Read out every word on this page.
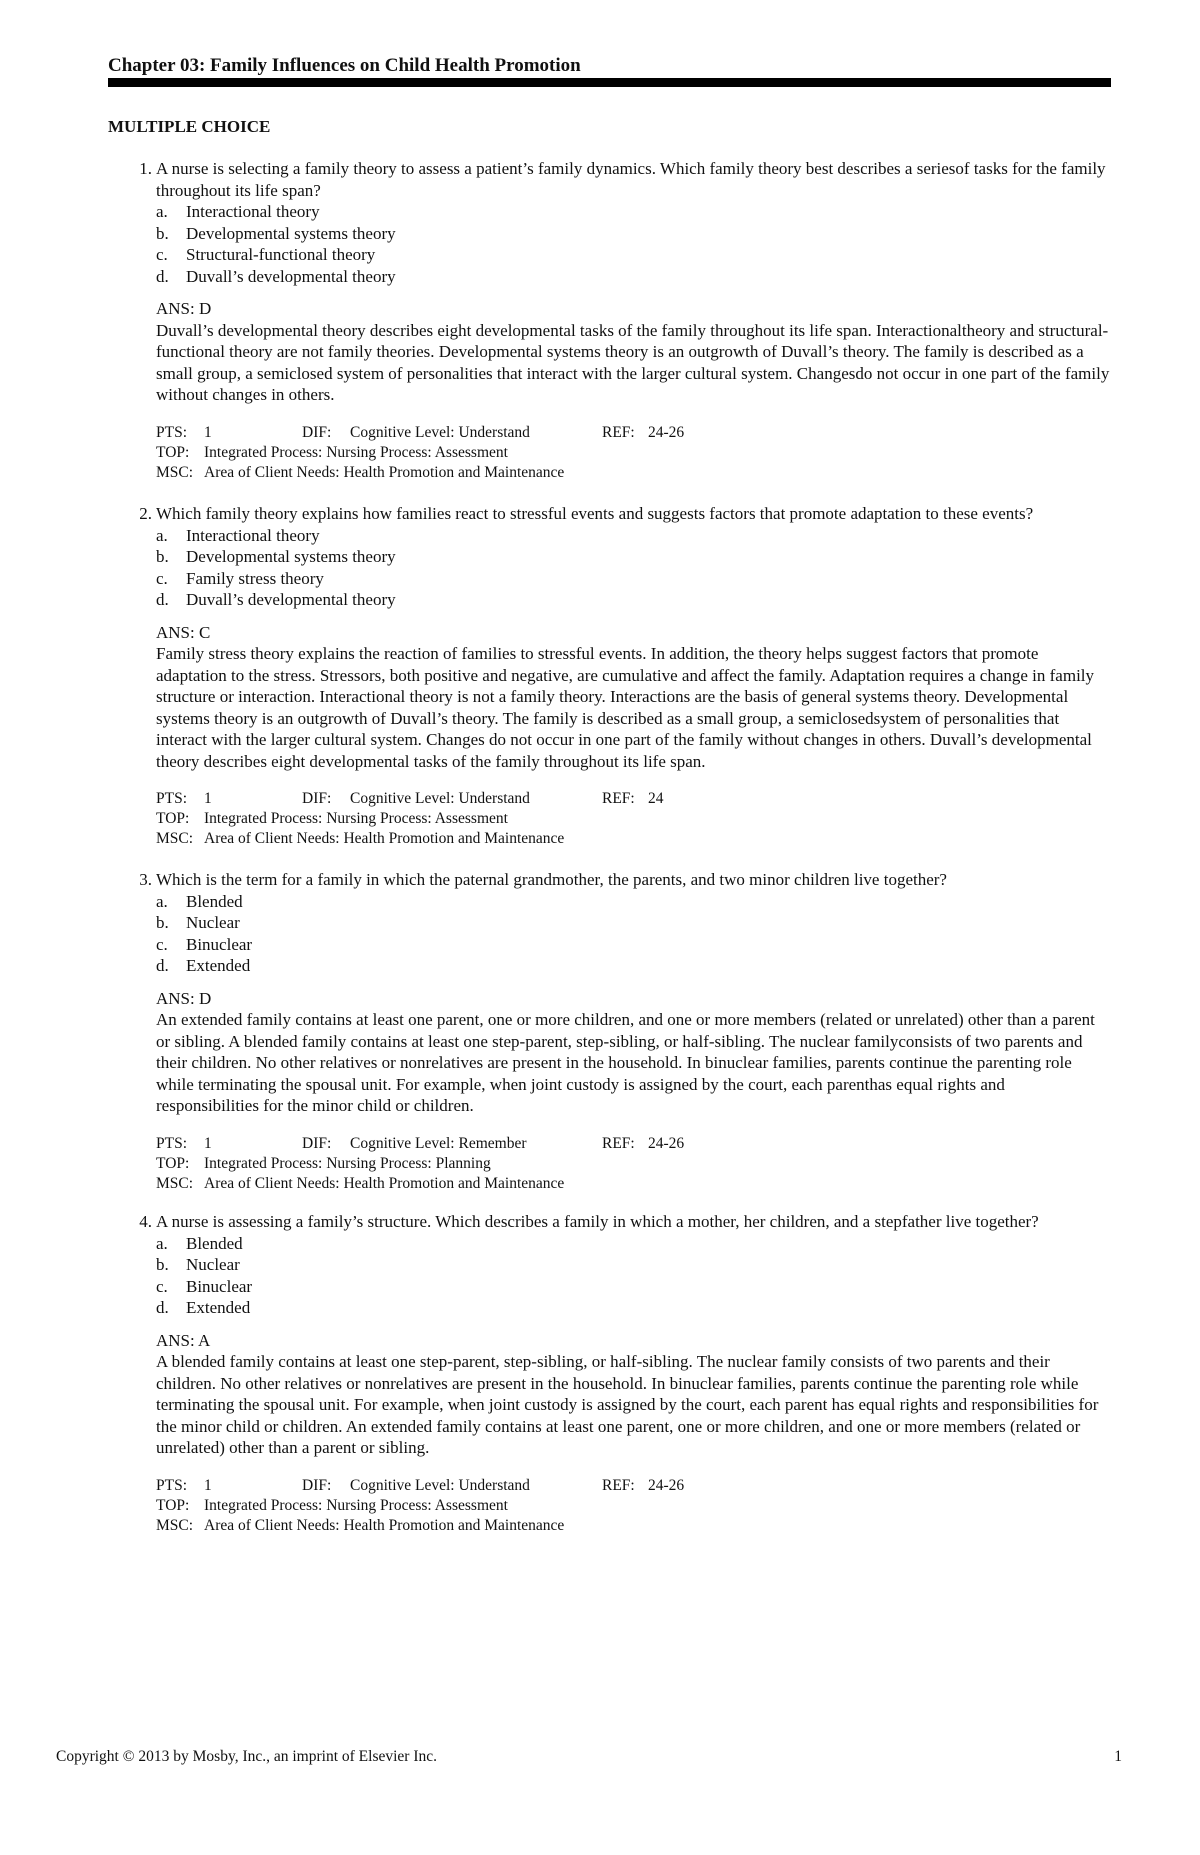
Chapter 03: Family Influences on Child Health Promotion
MULTIPLE CHOICE
1. A nurse is selecting a family theory to assess a patient’s family dynamics. Which family theory best describes a seriesof tasks for the family throughout its life span?
a. Interactional theory
b. Developmental systems theory
c. Structural-functional theory
d. Duvall’s developmental theory
ANS: D
Duvall’s developmental theory describes eight developmental tasks of the family throughout its life span. Interactionaltheory and structural-functional theory are not family theories. Developmental systems theory is an outgrowth of Duvall’s theory. The family is described as a small group, a semiclosed system of personalities that interact with the larger cultural system. Changesdo not occur in one part of the family without changes in others.
PTS:	1	DIF:	Cognitive Level: Understand	REF: 24-26
TOP: Integrated Process: Nursing Process: Assessment
MSC: Area of Client Needs: Health Promotion and Maintenance
2. Which family theory explains how families react to stressful events and suggests factors that promote adaptation to these events?
a. Interactional theory
b. Developmental systems theory
c. Family stress theory
d. Duvall’s developmental theory
ANS: C
Family stress theory explains the reaction of families to stressful events. In addition, the theory helps suggest factors that promote adaptation to the stress. Stressors, both positive and negative, are cumulative and affect the family. Adaptation requires a change in family structure or interaction. Interactional theory is not a family theory. Interactions are the basis of general systems theory. Developmental systems theory is an outgrowth of Duvall’s theory. The family is described as a small group, a semiclosedsystem of personalities that interact with the larger cultural system. Changes do not occur in one part of the family without changes in others. Duvall’s developmental theory describes eight developmental tasks of the family throughout its life span.
PTS:	1	DIF:	Cognitive Level: Understand	REF: 24
TOP: Integrated Process: Nursing Process: Assessment
MSC: Area of Client Needs: Health Promotion and Maintenance
3. Which is the term for a family in which the paternal grandmother, the parents, and two minor children live together?
a. Blended
b. Nuclear
c. Binuclear
d. Extended
ANS: D
An extended family contains at least one parent, one or more children, and one or more members (related or unrelated) other than a parent or sibling. A blended family contains at least one step-parent, step-sibling, or half-sibling. The nuclear familyconsists of two parents and their children. No other relatives or nonrelatives are present in the household. In binuclear families, parents continue the parenting role while terminating the spousal unit. For example, when joint custody is assigned by the court, each parenthas equal rights and responsibilities for the minor child or children.
PTS:	1	DIF:	Cognitive Level: Remember	REF: 24-26
TOP: Integrated Process: Nursing Process: Planning
MSC: Area of Client Needs: Health Promotion and Maintenance
4. A nurse is assessing a family’s structure. Which describes a family in which a mother, her children, and a stepfather live together?
a. Blended
b. Nuclear
c. Binuclear
d. Extended
ANS: A
A blended family contains at least one step-parent, step-sibling, or half-sibling. The nuclear family consists of two parents and their children. No other relatives or nonrelatives are present in the household. In binuclear families, parents continue the parenting role while terminating the spousal unit. For example, when joint custody is assigned by the court, each parent has equal rights and responsibilities for the minor child or children. An extended family contains at least one parent, one or more children, and one or more members (related or unrelated) other than a parent or sibling.
PTS:	1	DIF:	Cognitive Level: Understand	REF: 24-26
TOP: Integrated Process: Nursing Process: Assessment
MSC: Area of Client Needs: Health Promotion and Maintenance
Copyright © 2013 by Mosby, Inc., an imprint of Elsevier Inc.	1
